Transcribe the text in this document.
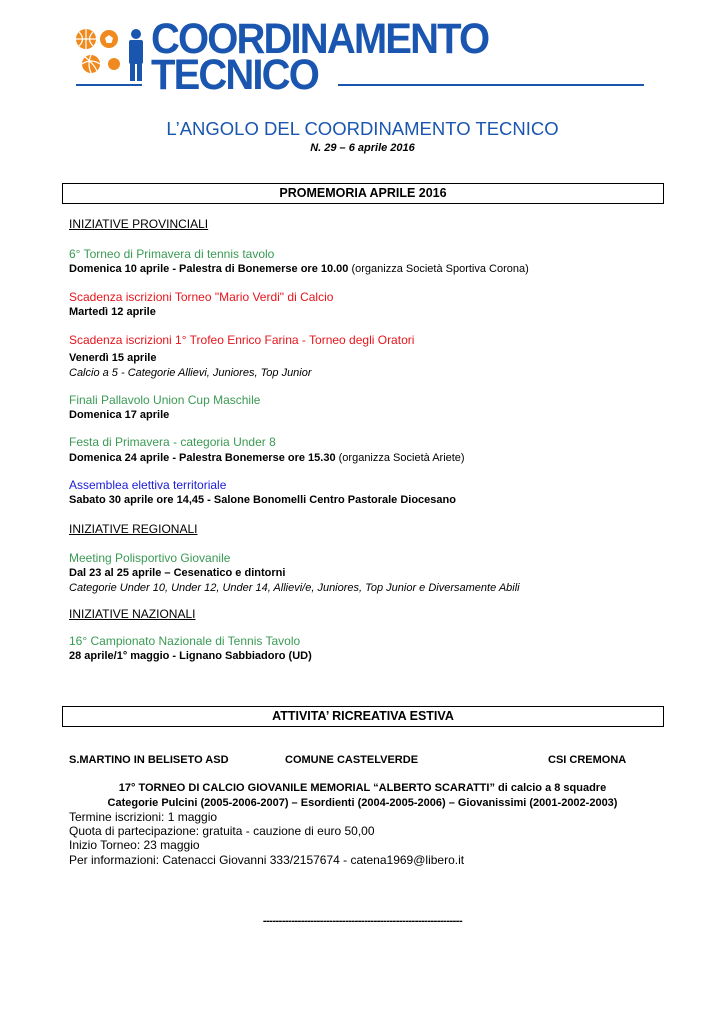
COORDINAMENTO
TECNICO
L’ANGOLO DEL COORDINAMENTO TECNICO
N. 29 – 6 aprile 2016
PROMEMORIA APRILE 2016
INIZIATIVE PROVINCIALI
6° Torneo di Primavera di tennis tavolo
Domenica 10 aprile - Palestra di Bonemerse ore 10.00 (organizza Società Sportiva Corona)
Scadenza iscrizioni Torneo "Mario Verdi" di Calcio
Martedì 12 aprile
Scadenza iscrizioni 1° Trofeo Enrico Farina - Torneo degli Oratori
Venerdì 15 aprile
Calcio a 5 - Categorie Allievi, Juniores, Top Junior
Finali Pallavolo Union Cup Maschile
Domenica 17 aprile
Festa di Primavera - categoria Under 8
Domenica 24 aprile - Palestra Bonemerse ore 15.30 (organizza Società Ariete)
Assemblea elettiva territoriale
Sabato 30 aprile ore 14,45 - Salone Bonomelli Centro Pastorale Diocesano
INIZIATIVE REGIONALI
Meeting Polisportivo Giovanile
Dal 23 al 25 aprile – Cesenatico e dintorni
Categorie Under 10, Under 12, Under 14, Allievi/e, Juniores, Top Junior e Diversamente Abili
INIZIATIVE NAZIONALI
16° Campionato Nazionale di Tennis Tavolo
28 aprile/1° maggio - Lignano Sabbiadoro (UD)
ATTIVITA’ RICREATIVA ESTIVA
S.MARTINO IN BELISETO ASD	COMUNE CASTELVERDE	CSI CREMONA
17° TORNEO DI CALCIO GIOVANILE MEMORIAL “ALBERTO SCARATTI” di calcio a 8 squadre
Categorie Pulcini (2005-2006-2007) – Esordienti (2004-2005-2006) – Giovanissimi (2001-2002-2003)
Termine iscrizioni: 1 maggio
Quota di partecipazione: gratuita - cauzione di euro 50,00
Inizio Torneo: 23 maggio
Per informazioni: Catenacci Giovanni 333/2157674 - catena1969@libero.it
---------------------------------------------------------------
